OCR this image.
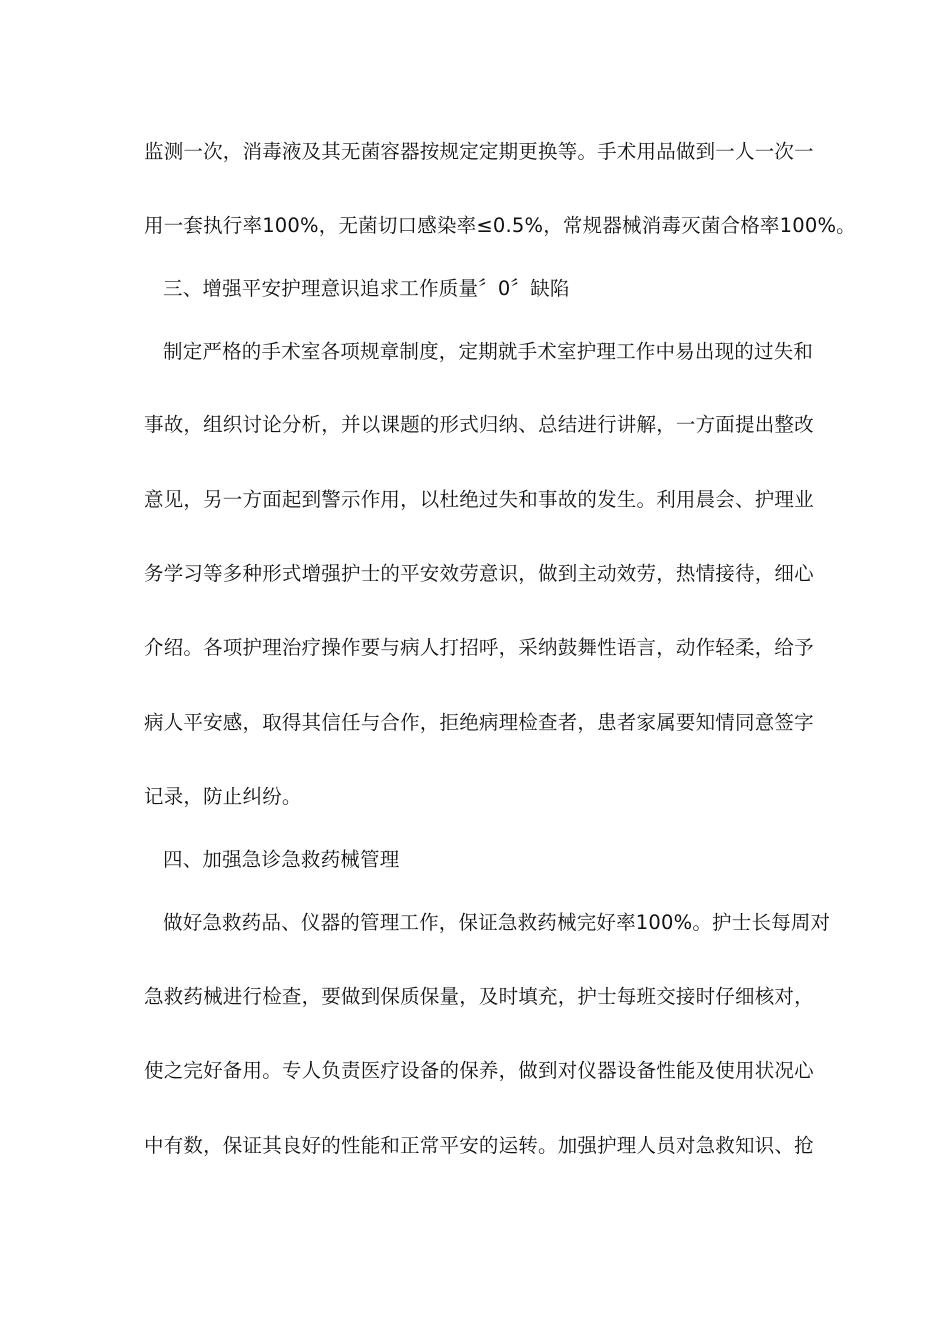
监测一次，消毒液及其无菌容器按规定定期更换等。手术用品做到一人一次一
用一套执行率100%，无菌切口感染率≤0.5%，常规器械消毒灭菌合格率100%。
三、增强平安护理意识追求工作质量〞0〞缺陷
制定严格的手术室各项规章制度，定期就手术室护理工作中易出现的过失和
事故，组织讨论分析，并以课题的形式归纳、总结进行讲解，一方面提出整改
意见，另一方面起到警示作用，以杜绝过失和事故的发生。利用晨会、护理业
务学习等多种形式增强护士的平安效劳意识，做到主动效劳，热情接待，细心
介绍。各项护理治疗操作要与病人打招呼，采纳鼓舞性语言，动作轻柔，给予
病人平安感，取得其信任与合作，拒绝病理检查者，患者家属要知情同意签字
记录，防止纠纷。
四、加强急诊急救药械管理
做好急救药品、仪器的管理工作，保证急救药械完好率100%。护士长每周对
急救药械进行检查，要做到保质保量，及时填充，护士每班交接时仔细核对，
使之完好备用。专人负责医疗设备的保养，做到对仪器设备性能及使用状况心
中有数，保证其良好的性能和正常平安的运转。加强护理人员对急救知识、抢
